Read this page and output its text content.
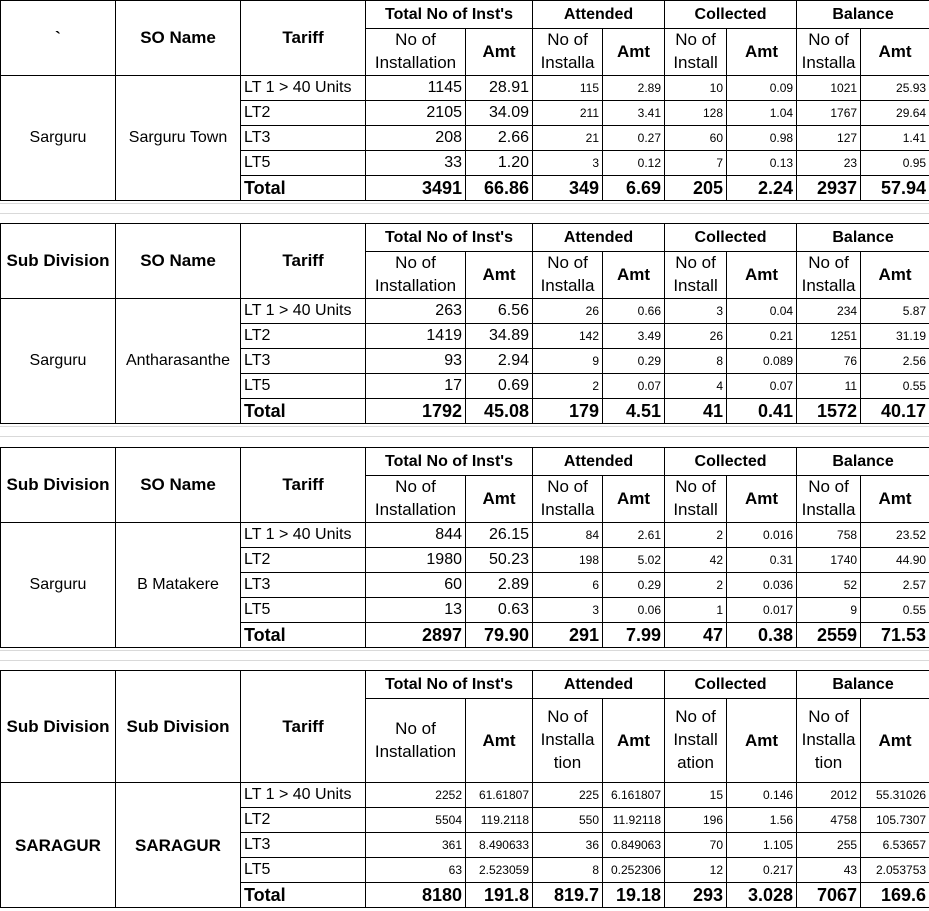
`	SO Name	Tariff	Total No of Inst's		Attended		Collected		Balance	
			No of Installation	Amt	No of Installa	Amt	No of Install	Amt	No of Installa	Amt
Sarguru	Sarguru Town	LT 1 > 40 Units	1145	28.91	115	2.89	10	0.09	1021	25.93
		LT2	2105	34.09	211	3.41	128	1.04	1767	29.64
		LT3	208	2.66	21	0.27	60	0.98	127	1.41
		LT5	33	1.20	3	0.12	7	0.13	23	0.95
		Total	3491	66.86	349	6.69	205	2.24	2937	57.94
Sub Division	SO Name	Tariff	Total No of Inst's		Attended		Collected		Balance	
			No of Installation	Amt	No of Installa	Amt	No of Install	Amt	No of Installa	Amt
Sarguru	Antharasanthe	LT 1 > 40 Units	263	6.56	26	0.66	3	0.04	234	5.87
		LT2	1419	34.89	142	3.49	26	0.21	1251	31.19
		LT3	93	2.94	9	0.29	8	0.089	76	2.56
		LT5	17	0.69	2	0.07	4	0.07	11	0.55
		Total	1792	45.08	179	4.51	41	0.41	1572	40.17
Sub Division	SO Name	Tariff	Total No of Inst's		Attended		Collected		Balance	
			No of Installation	Amt	No of Installa	Amt	No of Install	Amt	No of Installa	Amt
Sarguru	B Matakere	LT 1 > 40 Units	844	26.15	84	2.61	2	0.016	758	23.52
		LT2	1980	50.23	198	5.02	42	0.31	1740	44.90
		LT3	60	2.89	6	0.29	2	0.036	52	2.57
		LT5	13	0.63	3	0.06	1	0.017	9	0.55
		Total	2897	79.90	291	7.99	47	0.38	2559	71.53
Sub Division	Sub Division	Tariff	Total No of Inst's		Attended		Collected		Balance	
			No of Installation	Amt	No of Installa tion	Amt	No of Install ation	Amt	No of Installa tion	Amt
SARAGUR	SARAGUR	LT 1 > 40 Units	2252	61.61807	225	6.161807	15	0.146	2012	55.31026
		LT2	5504	119.2118	550	11.92118	196	1.56	4758	105.7307
		LT3	361	8.490633	36	0.849063	70	1.105	255	6.53657
		LT5	63	2.523059	8	0.252306	12	0.217	43	2.053753
		Total	8180	191.8	819.7	19.18	293	3.028	7067	169.6
